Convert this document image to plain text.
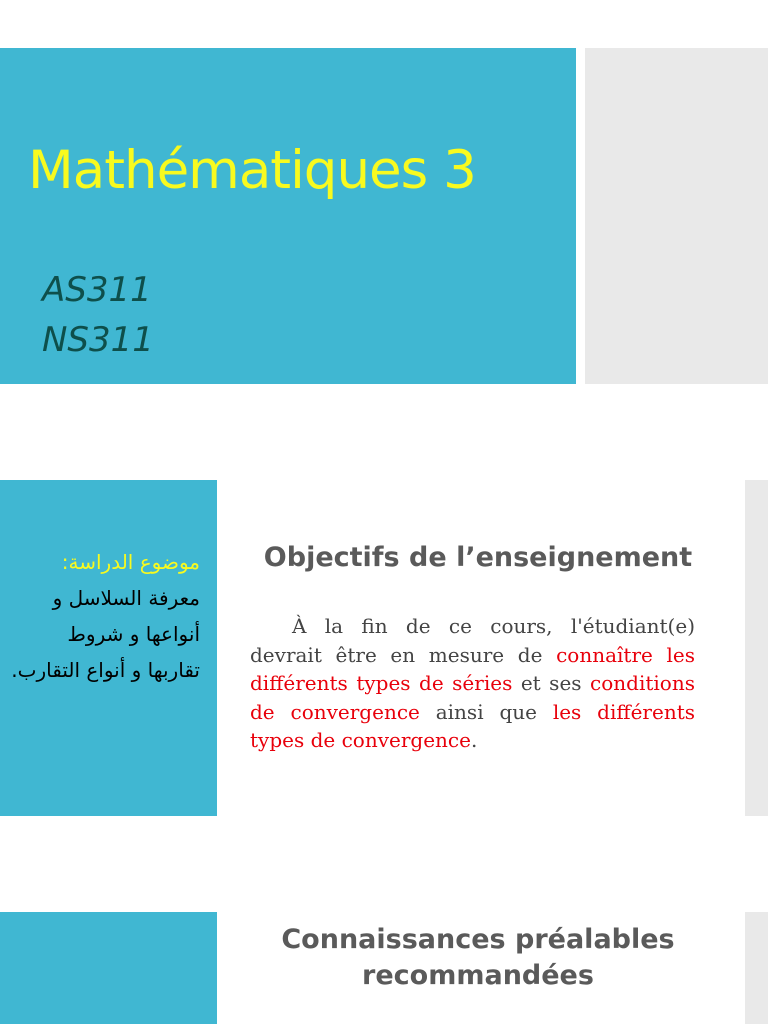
Mathématiques 3

AS311

NS311

موضوع الدراسة:
معرفة السلاسل و أنواعها و شروط تقاربها و أنواع التقارب.
Objectifs de l’enseignement

À la fin de ce cours, l'étudiant(e) devrait être en mesure de connaître les différents types de séries et ses conditions de convergence ainsi que les différents types de convergence.

Connaissances préalables recommandées
